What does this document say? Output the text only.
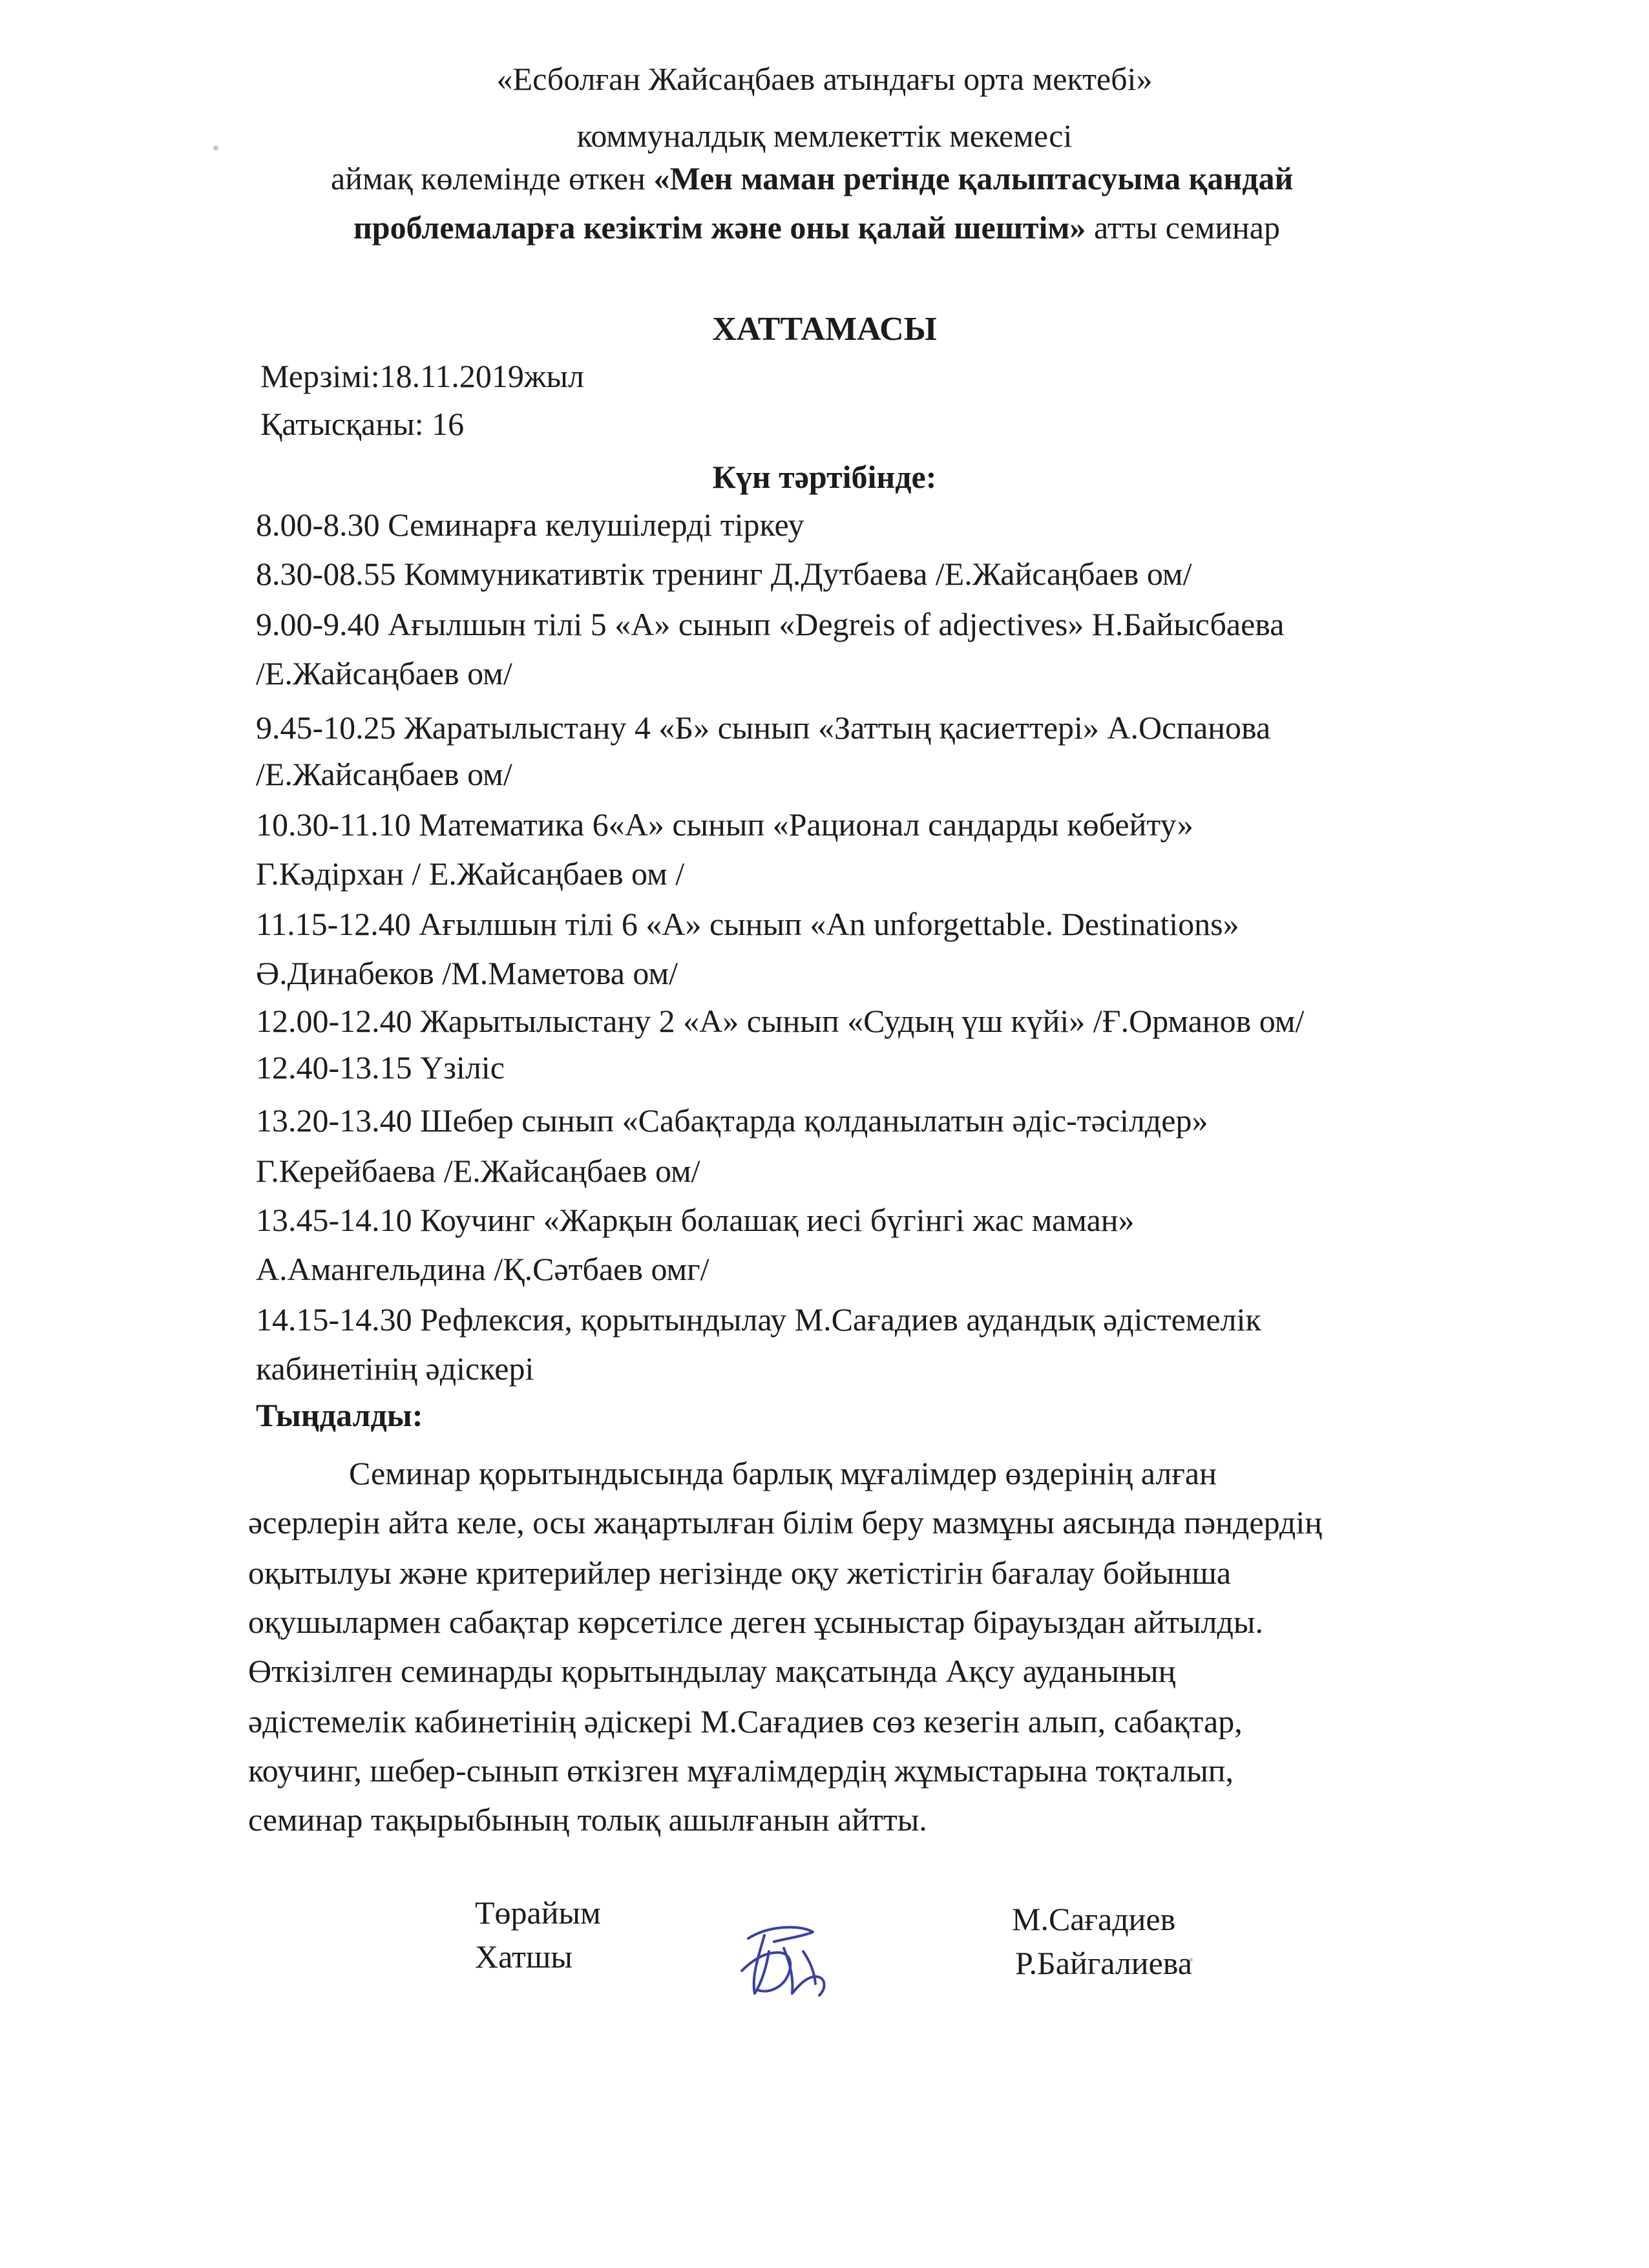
«Есболған Жайсаңбаев атындағы орта мектебі»
коммуналдық мемлекеттік мекемесі
аймақ көлемінде өткен «Мен маман ретінде қалыптасуыма қандай
проблемаларға кезіктім және оны қалай шештім» атты семинар
ХАТТАМАСЫ
Мерзімі:18.11.2019жыл
Қатысқаны: 16
Күн тәртібінде:
8.00-8.30 Семинарға келушілерді тіркеу
8.30-08.55 Коммуникативтік тренинг Д.Дутбаева /Е.Жайсаңбаев ом/
9.00-9.40 Ағылшын тілі 5 «А» сынып «Degreis of adjectives» Н.Байысбаева
/Е.Жайсаңбаев ом/
9.45-10.25 Жаратылыстану 4 «Б» сынып «Заттың қасиеттері» А.Оспанова
/Е.Жайсаңбаев ом/
10.30-11.10 Математика 6«А» сынып «Рационал сандарды көбейту»
Г.Кәдірхан / Е.Жайсаңбаев ом /
11.15-12.40 Ағылшын тілі 6 «А» сынып «An unforgettable. Destinations»
Ә.Динабеков /М.Маметова ом/
12.00-12.40 Жарытылыстану 2 «А» сынып «Судың үш күйі» /Ғ.Орманов ом/
12.40-13.15 Үзіліс
13.20-13.40 Шебер сынып «Сабақтарда қолданылатын әдіс-тәсілдер»
Г.Керейбаева /Е.Жайсаңбаев ом/
13.45-14.10 Коучинг «Жарқын болашақ иесі бүгінгі жас маман»
А.Амангельдина /Қ.Сәтбаев омг/
14.15-14.30 Рефлексия, қорытындылау М.Сағадиев аудандық әдістемелік
кабинетінің әдіскері
Тыңдалды:
Семинар қорытындысында барлық мұғалімдер өздерінің алған
әсерлерін айта келе, осы жаңартылған білім беру мазмұны аясында пәндердің
оқытылуы және критерийлер негізінде оқу жетістігін бағалау бойынша
оқушылармен сабақтар көрсетілсе деген ұсыныстар бірауыздан айтылды.
Өткізілген семинарды қорытындылау мақсатында Ақсу ауданының
әдістемелік кабинетінің әдіскері М.Сағадиев сөз кезегін алып, сабақтар,
коучинг, шебер-сынып өткізген мұғалімдердің жұмыстарына тоқталып,
семинар тақырыбының толық ашылғанын айтты.
Төрайым
Хатшы
М.Сағадиев
Р.Байгалиева
